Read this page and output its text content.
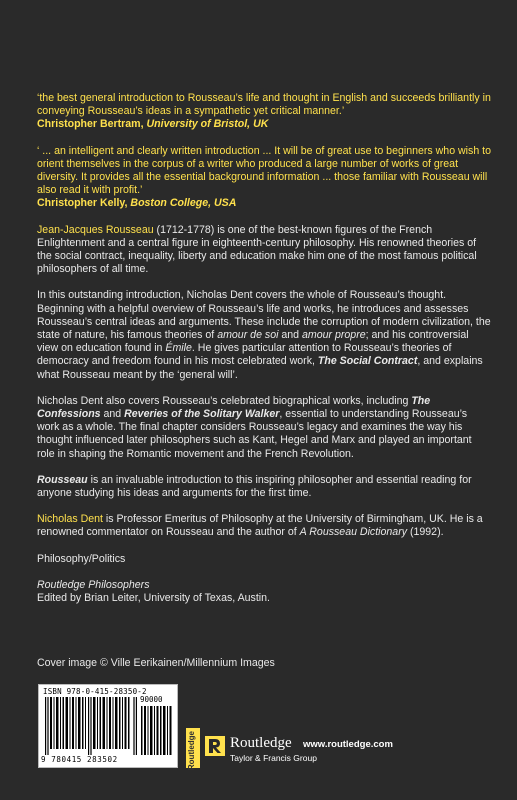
‘the best general introduction to Rousseau’s life and thought in English and succeeds brilliantly in conveying Rousseau’s ideas in a sympathetic yet critical manner.’
Christopher Bertram, University of Bristol, UK

‘ ... an intelligent and clearly written introduction ... It will be of great use to beginners who wish to orient themselves in the corpus of a writer who produced a large number of works of great diversity. It provides all the essential background information ... those familiar with Rousseau will also read it with profit.’
Christopher Kelly, Boston College, USA

Jean-Jacques Rousseau (1712-1778) is one of the best-known figures of the French Enlightenment and a central figure in eighteenth-century philosophy. His renowned theories of the social contract, inequality, liberty and education make him one of the most famous political philosophers of all time.

In this outstanding introduction, Nicholas Dent covers the whole of Rousseau’s thought. Beginning with a helpful overview of Rousseau’s life and works, he introduces and assesses Rousseau’s central ideas and arguments. These include the corruption of modern civilization, the state of nature, his famous theories of amour de soi and amour propre; and his controversial view on education found in Émile. He gives particular attention to Rousseau’s theories of democracy and freedom found in his most celebrated work, The Social Contract, and explains what Rousseau meant by the ‘general will’.

Nicholas Dent also covers Rousseau’s celebrated biographical works, including The Confessions and Reveries of the Solitary Walker, essential to understanding Rousseau’s work as a whole. The final chapter considers Rousseau’s legacy and examines the way his thought influenced later philosophers such as Kant, Hegel and Marx and played an important role in shaping the Romantic movement and the French Revolution.

Rousseau is an invaluable introduction to this inspiring philosopher and essential reading for anyone studying his ideas and arguments for the first time.

Nicholas Dent is Professor Emeritus of Philosophy at the University of Birmingham, UK. He is a renowned commentator on Rousseau and the author of A Rousseau Dictionary (1992).

Philosophy/Politics

Routledge Philosophers
Edited by Brian Leiter, University of Texas, Austin.

Cover image © Ville Eerikainen/Millennium Images
ISBN 978-0-415-28350-2
90000
9 780415 283502	Routledge Routledge
Taylor & Francis Group
www.routledge.com
